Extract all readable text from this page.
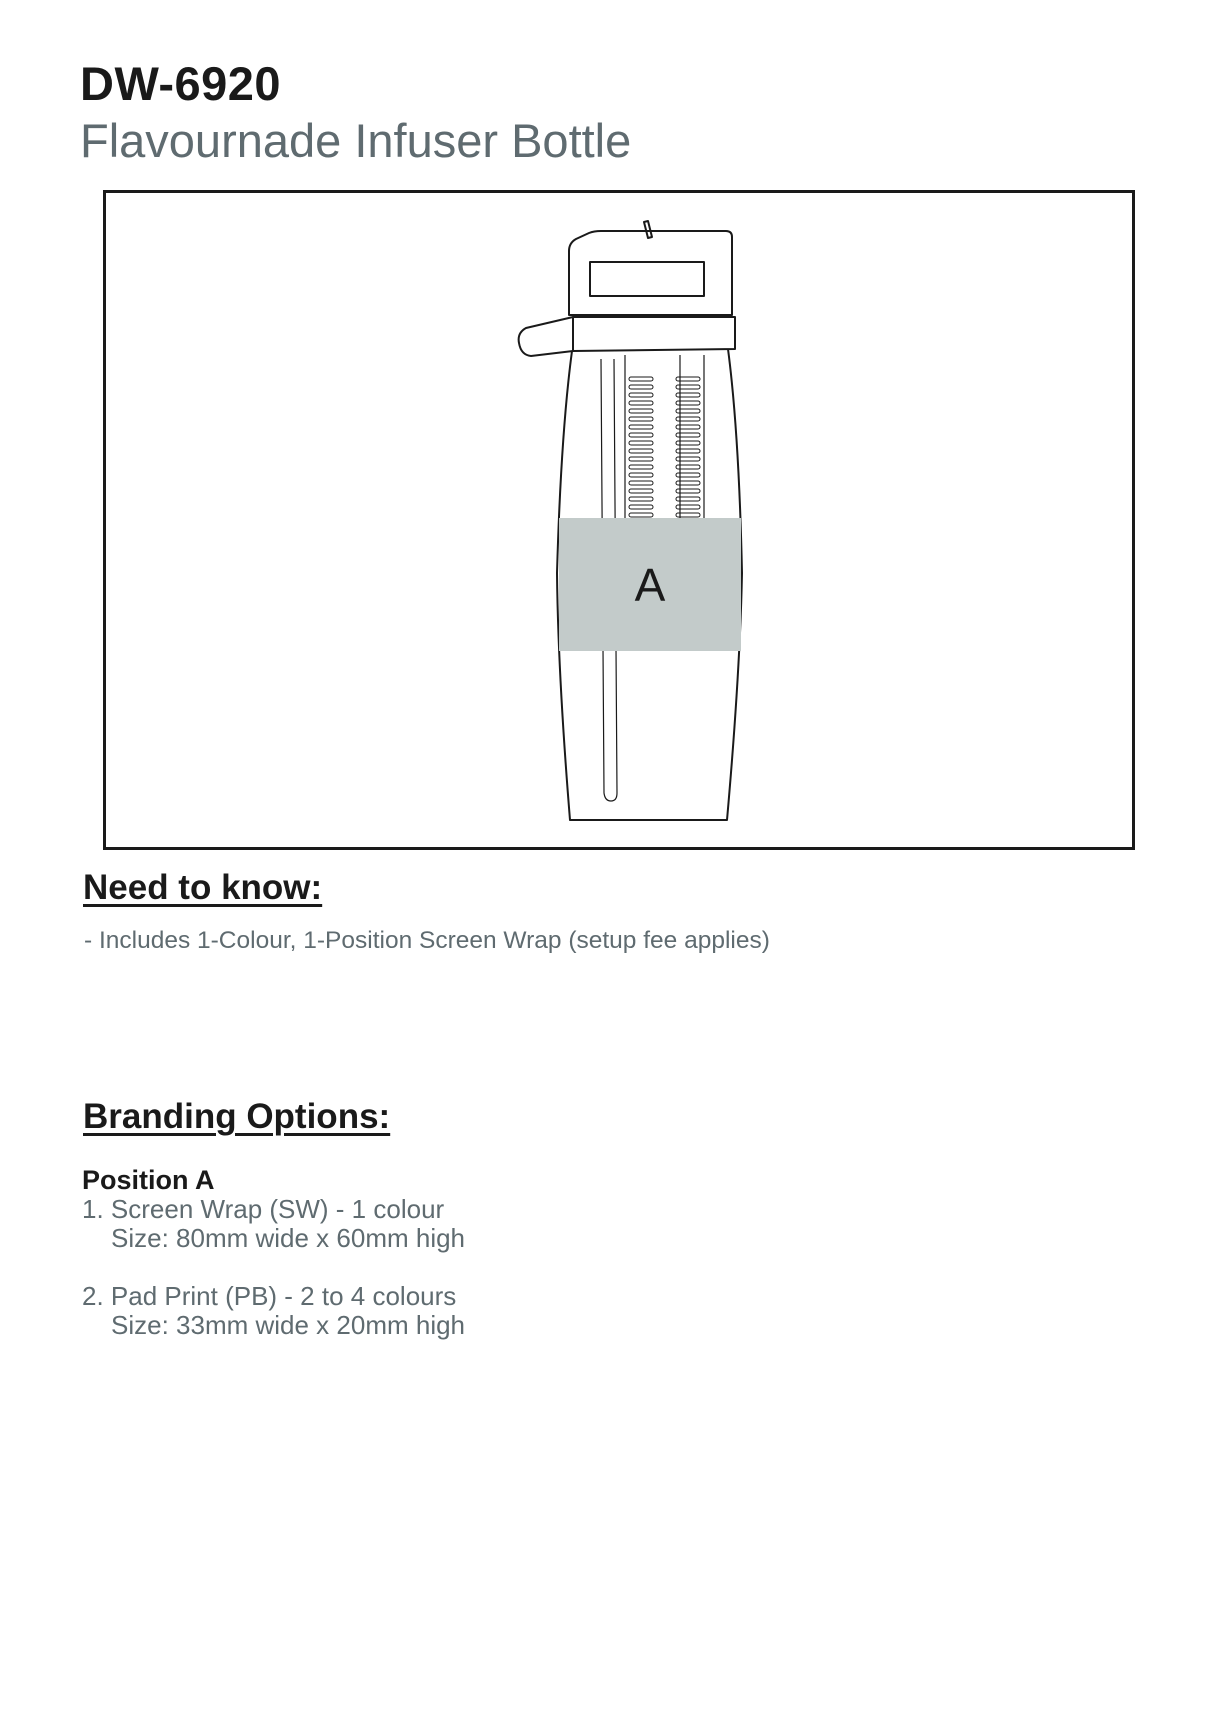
DW-6920
Flavournade Infuser Bottle
A
Need to know:
- Includes 1-Colour, 1-Position Screen Wrap (setup fee applies)
Branding Options:
Position A
1. Screen Wrap (SW) - 1 colour
Size: 80mm wide x 60mm high
2. Pad Print (PB) - 2 to 4 colours
Size: 33mm wide x 20mm high
